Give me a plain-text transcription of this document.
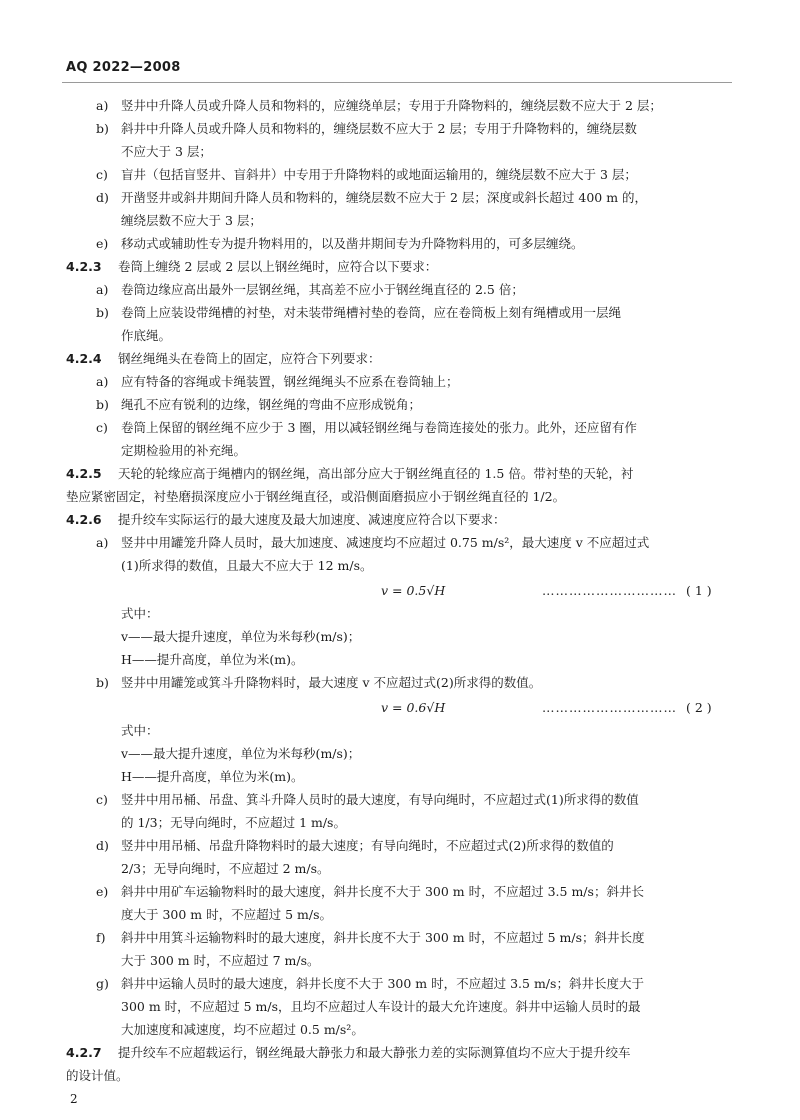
AQ 2022—2008
a) 竖井中升降人员或升降人员和物料的，应缠绕单层；专用于升降物料的，缠绕层数不应大于 2 层；
b) 斜井中升降人员或升降人员和物料的，缠绕层数不应大于 2 层；专用于升降物料的，缠绕层数
不应大于 3 层；
c) 盲井（包括盲竖井、盲斜井）中专用于升降物料的或地面运输用的，缠绕层数不应大于 3 层；
d) 开凿竖井或斜井期间升降人员和物料的，缠绕层数不应大于 2 层；深度或斜长超过 400 m 的，
缠绕层数不应大于 3 层；
e) 移动式或辅助性专为提升物料用的，以及凿井期间专为升降物料用的，可多层缠绕。
4.2.3 卷筒上缠绕 2 层或 2 层以上钢丝绳时，应符合以下要求：
a) 卷筒边缘应高出最外一层钢丝绳，其高差不应小于钢丝绳直径的 2.5 倍；
b) 卷筒上应装设带绳槽的衬垫，对未装带绳槽衬垫的卷筒，应在卷筒板上刻有绳槽或用一层绳
作底绳。
4.2.4 钢丝绳绳头在卷筒上的固定，应符合下列要求：
a) 应有特备的容绳或卡绳装置，钢丝绳绳头不应系在卷筒轴上；
b) 绳孔不应有锐利的边缘，钢丝绳的弯曲不应形成锐角；
c) 卷筒上保留的钢丝绳不应少于 3 圈，用以减轻钢丝绳与卷筒连接处的张力。此外，还应留有作
定期检验用的补充绳。
4.2.5 天轮的轮缘应高于绳槽内的钢丝绳，高出部分应大于钢丝绳直径的 1.5 倍。带衬垫的天轮，衬
垫应紧密固定，衬垫磨损深度应小于钢丝绳直径，或沿侧面磨损应小于钢丝绳直径的 1/2。
4.2.6 提升绞车实际运行的最大速度及最大加速度、减速度应符合以下要求：
a) 竖井中用罐笼升降人员时，最大加速度、减速度均不应超过 0.75 m/s²，最大速度 v 不应超过式
(1)所求得的数值，且最大不应大于 12 m/s。
v = 0.5√H	………………………… ( 1 )
式中：
v——最大提升速度，单位为米每秒(m/s)；
H——提升高度，单位为米(m)。
b) 竖井中用罐笼或箕斗升降物料时，最大速度 v 不应超过式(2)所求得的数值。
v = 0.6√H	………………………… ( 2 )
式中：
v——最大提升速度，单位为米每秒(m/s)；
H——提升高度，单位为米(m)。
c) 竖井中用吊桶、吊盘、箕斗升降人员时的最大速度，有导向绳时，不应超过式(1)所求得的数值
的 1/3；无导向绳时，不应超过 1 m/s。
d) 竖井中用吊桶、吊盘升降物料时的最大速度；有导向绳时，不应超过式(2)所求得的数值的
2/3；无导向绳时，不应超过 2 m/s。
e) 斜井中用矿车运输物料时的最大速度，斜井长度不大于 300 m 时，不应超过 3.5 m/s；斜井长
度大于 300 m 时，不应超过 5 m/s。
f) 斜井中用箕斗运输物料时的最大速度，斜井长度不大于 300 m 时，不应超过 5 m/s；斜井长度
大于 300 m 时，不应超过 7 m/s。
g) 斜井中运输人员时的最大速度，斜井长度不大于 300 m 时，不应超过 3.5 m/s；斜井长度大于
300 m 时，不应超过 5 m/s，且均不应超过人车设计的最大允许速度。斜井中运输人员时的最
大加速度和减速度，均不应超过 0.5 m/s²。
4.2.7 提升绞车不应超载运行，钢丝绳最大静张力和最大静张力差的实际测算值均不应大于提升绞车
的设计值。
2
